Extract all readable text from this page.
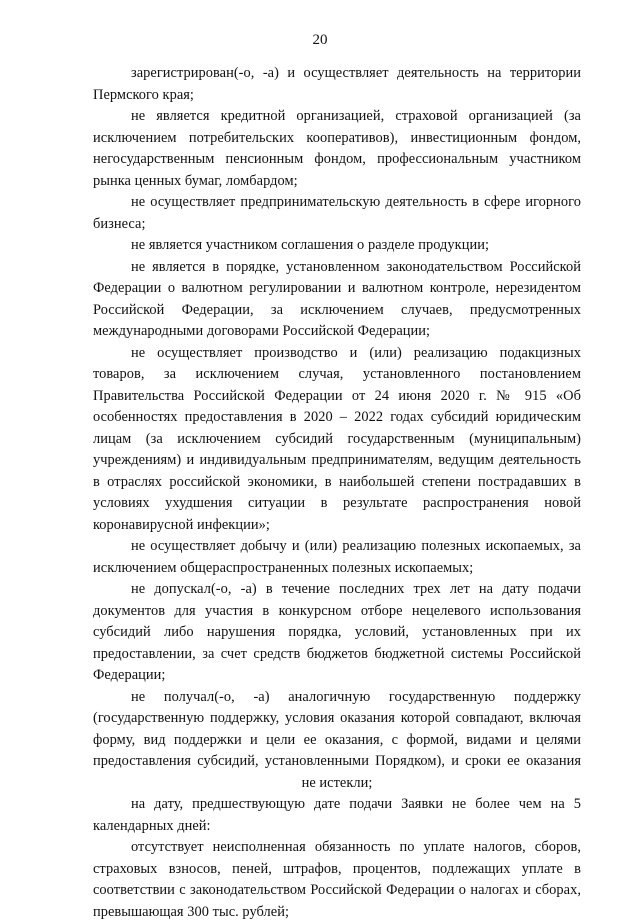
20

зарегистрирован(-о, -а) и осуществляет деятельность на территории Пермского края;

не является кредитной организацией, страховой организацией (за исключением потребительских кооперативов), инвестиционным фондом, негосударственным пенсионным фондом, профессиональным участником рынка ценных бумаг, ломбардом;

не осуществляет предпринимательскую деятельность в сфере игорного бизнеса;

не является участником соглашения о разделе продукции;

не является в порядке, установленном законодательством Российской Федерации о валютном регулировании и валютном контроле, нерезидентом Российской Федерации, за исключением случаев, предусмотренных международными договорами Российской Федерации;

не осуществляет производство и (или) реализацию подакцизных товаров, за исключением случая, установленного постановлением Правительства Российской Федерации от 24 июня 2020 г. № 915 «Об особенностях предоставления в 2020 – 2022 годах субсидий юридическим лицам (за исключением субсидий государственным (муниципальным) учреждениям) и индивидуальным предпринимателям, ведущим деятельность в отраслях российской экономики, в наибольшей степени пострадавших в условиях ухудшения ситуации в результате распространения новой коронавирусной инфекции»;

не осуществляет добычу и (или) реализацию полезных ископаемых, за исключением общераспространенных полезных ископаемых;

не допускал(-о, -а) в течение последних трех лет на дату подачи документов для участия в конкурсном отборе нецелевого использования субсидий либо нарушения порядка, условий, установленных при их предоставлении, за счет средств бюджетов бюджетной системы Российской Федерации;

не получал(-о, -а) аналогичную государственную поддержку (государственную поддержку, условия оказания которой совпадают, включая форму, вид поддержки и цели ее оказания, с формой, видами и целями предоставления субсидий, установленными Порядком), и сроки ее оказания не истекли;

на дату, предшествующую дате подачи Заявки не более чем на 5 календарных дней:

отсутствует неисполненная обязанность по уплате налогов, сборов, страховых взносов, пеней, штрафов, процентов, подлежащих уплате в соответствии с законодательством Российской Федерации о налогах и сборах, превышающая 300 тыс. рублей;
